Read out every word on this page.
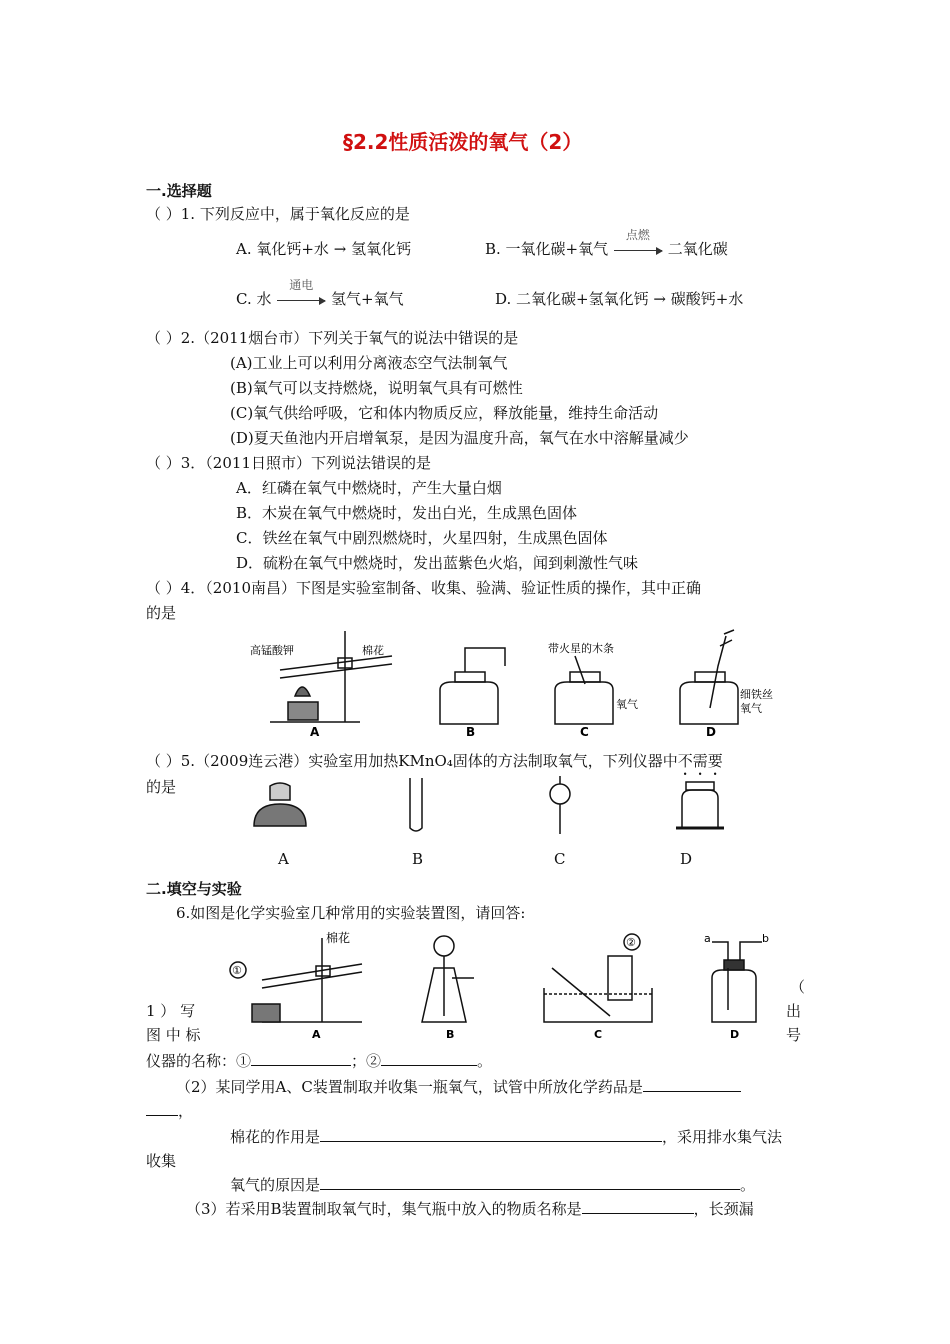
§2.2性质活泼的氧气（2）
一.选择题
（ ）1. 下列反应中，属于氧化反应的是
A. 氧化钙+水 → 氢氧化钙	B. 一氧化碳+氧气
点燃
二氧化碳
C. 水
通电
氢气+氧气	D. 二氧化碳+氢氧化钙 → 碳酸钙+水
（ ）2.（2011烟台市）下列关于氧气的说法中错误的是
(A)工业上可以利用分离液态空气法制氧气
(B)氧气可以支持燃烧，说明氧气具有可燃性
(C)氧气供给呼吸，它和体内物质反应，释放能量，维持生命活动
(D)夏天鱼池内开启增氧泵，是因为温度升高，氧气在水中溶解量减少
（ ）3．（2011日照市）下列说法错误的是
A．红磷在氧气中燃烧时，产生大量白烟
B．木炭在氧气中燃烧时，发出白光，生成黑色固体
C．铁丝在氧气中剧烈燃烧时，火星四射，生成黑色固体
D．硫粉在氧气中燃烧时，发出蓝紫色火焰，闻到刺激性气味
（ ）4．（2010南昌）下图是实验室制备、收集、验满、验证性质的操作，其中正确
的是
高锰酸钾	棉花	带火星的木条
氧气
细铁丝
氧气
A	B	C	D
（ ）5.（2009连云港）实验室用加热KMnO₄固体的方法制取氧气，下列仪器中不需要
的是
A	B	C	D
二.填空与实验
6.如图是化学实验室几种常用的实验装置图，请回答:
①
棉花	②	a	b
A	B	C	D
1 ） 写
图 中 标
（
出
号
仪器的名称：①	；②	。
（2）某同学用A、C装置制取并收集一瓶氧气，试管中所放化学药品是
，
棉花的作用是	，采用排水集气法
收集
氧气的原因是	。
（3）若采用B装置制取氧气时，集气瓶中放入的物质名称是	，长颈漏
